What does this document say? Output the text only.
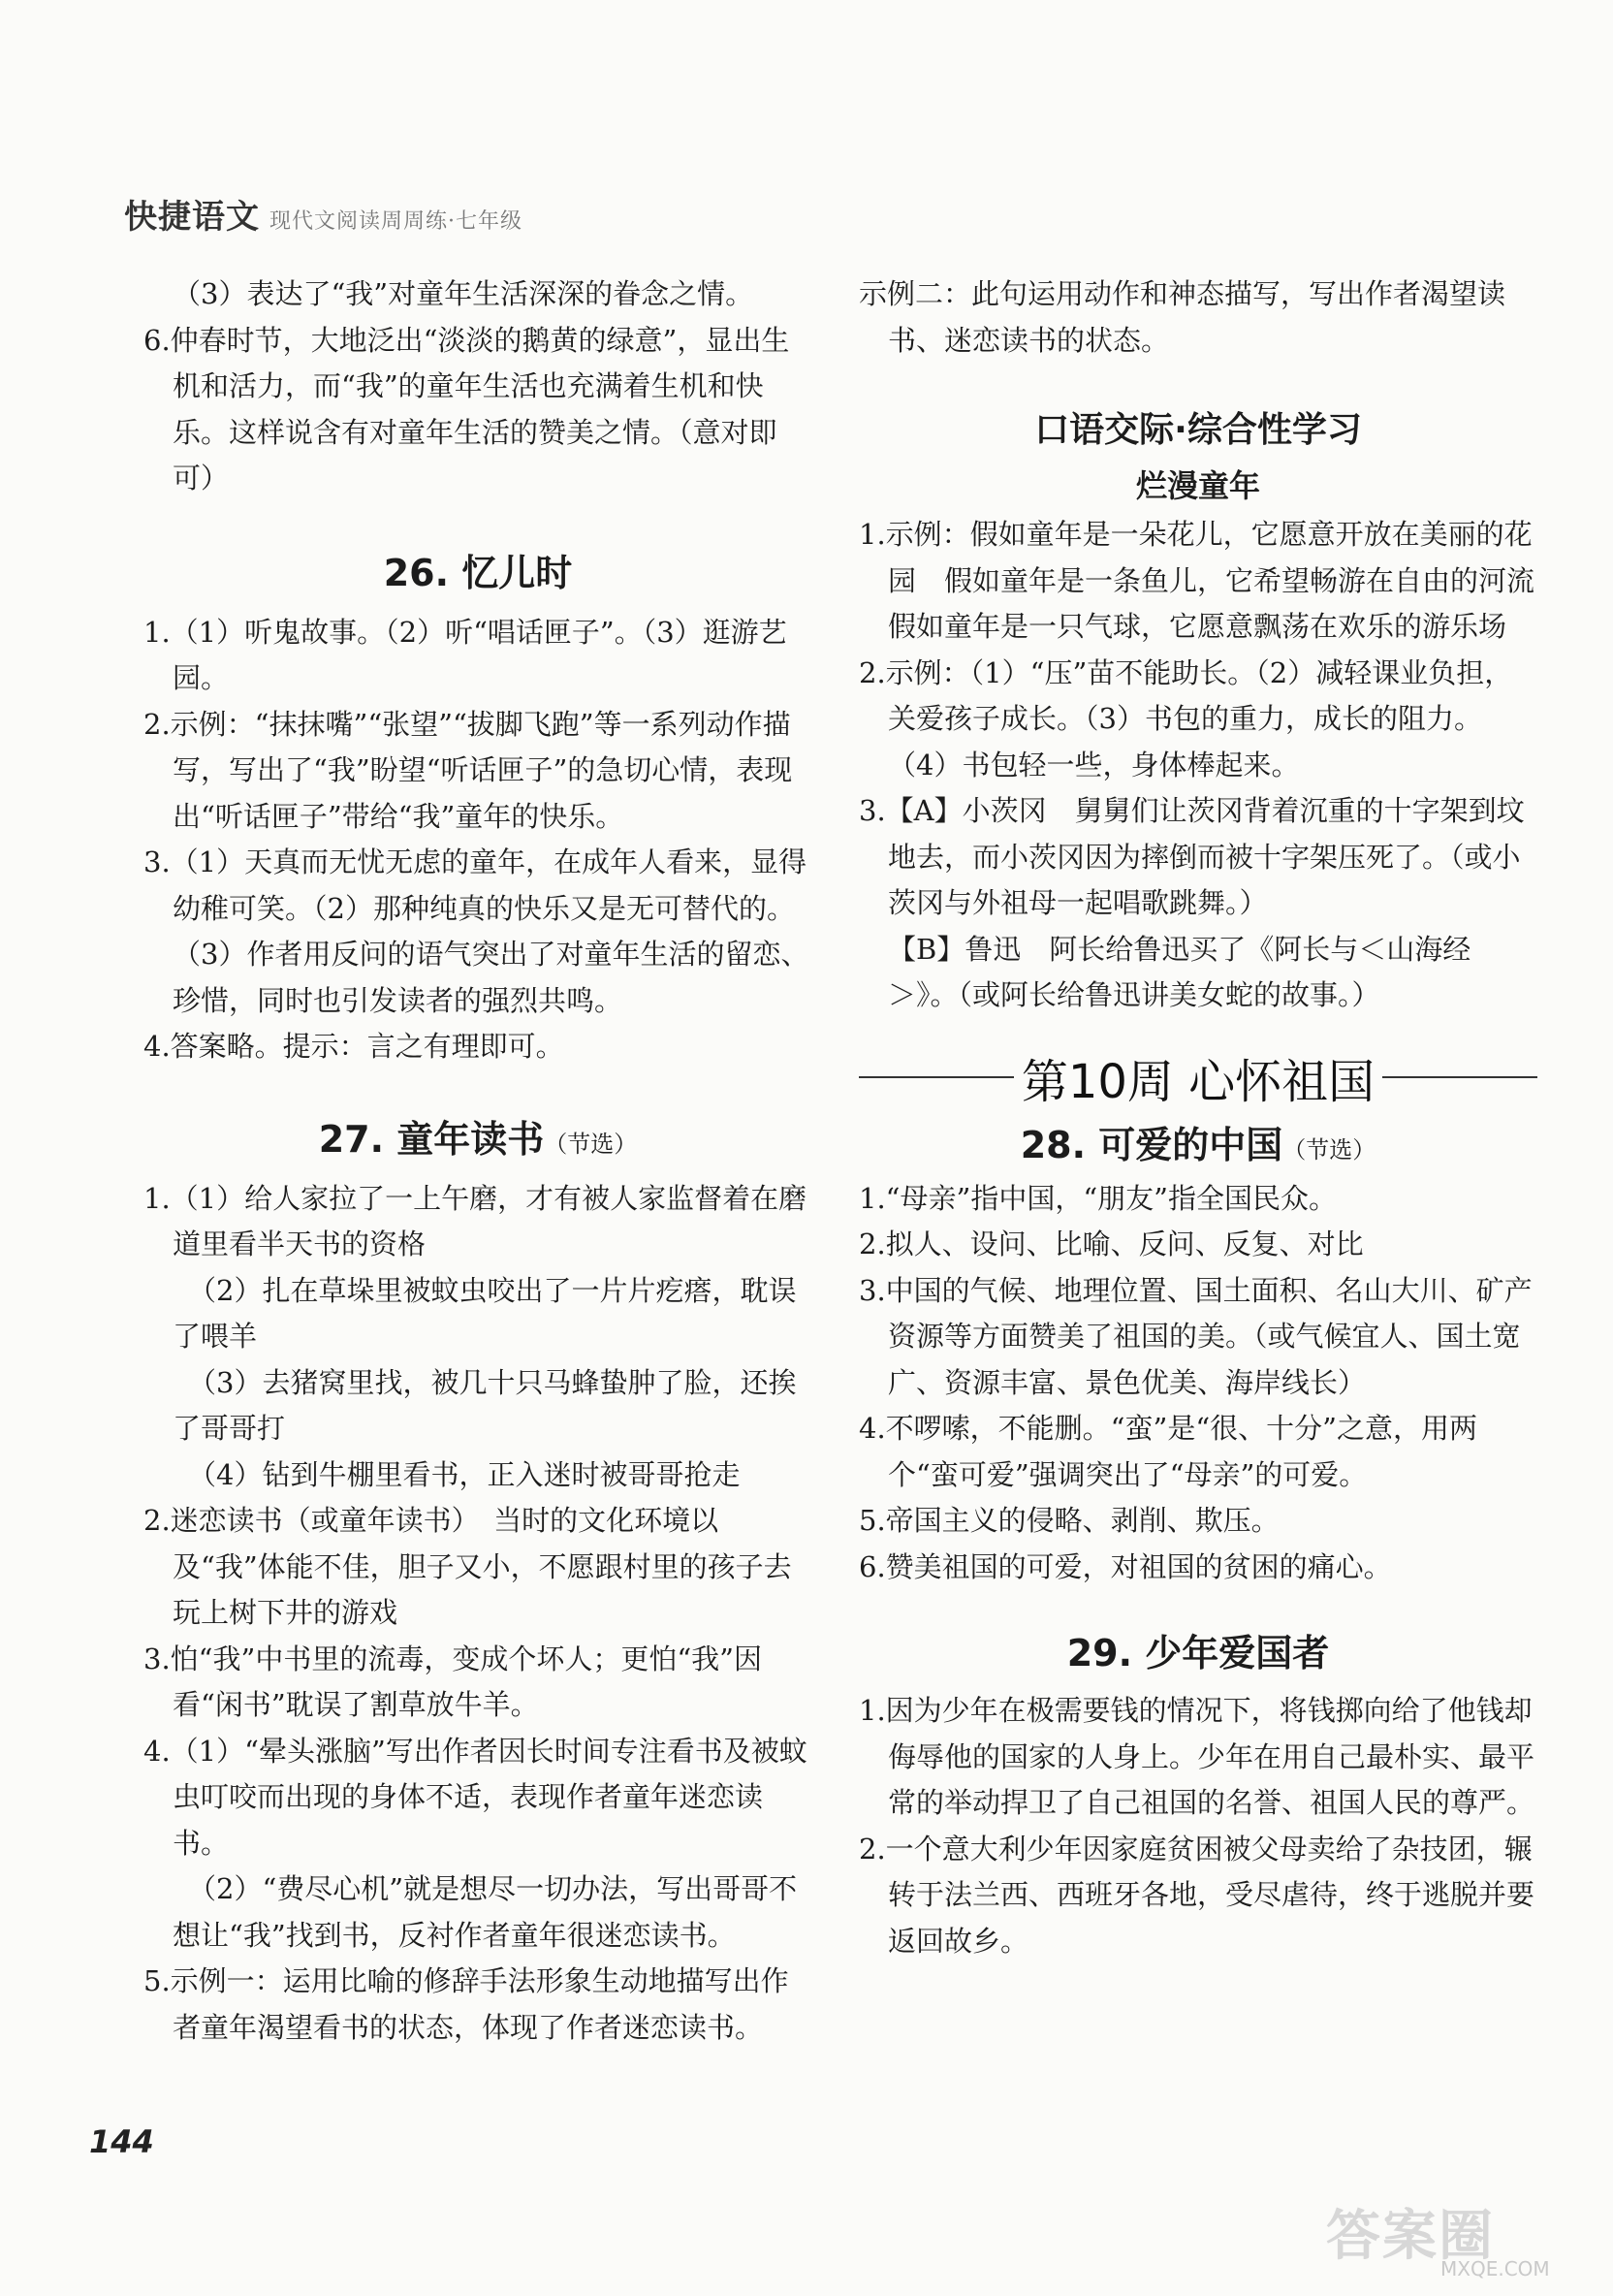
快捷语文 现代文阅读周周练·七年级

（3）表达了“我”对童年生活深深的眷念之情。

6.仲春时节，大地泛出“淡淡的鹅黄的绿意”，显出生机和活力，而“我”的童年生活也充满着生机和快乐。这样说含有对童年生活的赞美之情。（意对即可）

26. 忆儿时

1.（1）听鬼故事。（2）听“唱话匣子”。（3）逛游艺园。

2.示例：“抹抹嘴”“张望”“拔脚飞跑”等一系列动作描写，写出了“我”盼望“听话匣子”的急切心情，表现出“听话匣子”带给“我”童年的快乐。

3.（1）天真而无忧无虑的童年，在成年人看来，显得幼稚可笑。（2）那种纯真的快乐又是无可替代的。（3）作者用反问的语气突出了对童年生活的留恋、珍惜，同时也引发读者的强烈共鸣。

4.答案略。提示：言之有理即可。

27. 童年读书（节选）

1.（1）给人家拉了一上午磨，才有被人家监督着在磨道里看半天书的资格

（2）扎在草垛里被蚊虫咬出了一片片疙瘩，耽误了喂羊

（3）去猪窝里找，被几十只马蜂蛰肿了脸，还挨了哥哥打

（4）钻到牛棚里看书，正入迷时被哥哥抢走

2.迷恋读书（或童年读书）　当时的文化环境以及“我”体能不佳，胆子又小，不愿跟村里的孩子去玩上树下井的游戏

3.怕“我”中书里的流毒，变成个坏人；更怕“我”因看“闲书”耽误了割草放牛羊。

4.（1）“晕头涨脑”写出作者因长时间专注看书及被蚊虫叮咬而出现的身体不适，表现作者童年迷恋读书。

（2）“费尽心机”就是想尽一切办法，写出哥哥不想让“我”找到书，反衬作者童年很迷恋读书。

5.示例一：运用比喻的修辞手法形象生动地描写出作者童年渴望看书的状态，体现了作者迷恋读书。

示例二：此句运用动作和神态描写，写出作者渴望读书、迷恋读书的状态。

口语交际·综合性学习
烂漫童年

1.示例：假如童年是一朵花儿，它愿意开放在美丽的花园　假如童年是一条鱼儿，它希望畅游在自由的河流　假如童年是一只气球，它愿意飘荡在欢乐的游乐场

2.示例：（1）“压”苗不能助长。（2）减轻课业负担，关爱孩子成长。（3）书包的重力，成长的阻力。

（4）书包轻一些，身体棒起来。

3.【A】小茨冈　舅舅们让茨冈背着沉重的十字架到坟地去，而小茨冈因为摔倒而被十字架压死了。（或小茨冈与外祖母一起唱歌跳舞。）

【B】鲁迅　阿长给鲁迅买了《阿长与＜山海经＞》。（或阿长给鲁迅讲美女蛇的故事。）

第10周 心怀祖国
28. 可爱的中国（节选）

1.“母亲”指中国，“朋友”指全国民众。

2.拟人、设问、比喻、反问、反复、对比

3.中国的气候、地理位置、国土面积、名山大川、矿产资源等方面赞美了祖国的美。（或气候宜人、国土宽广、资源丰富、景色优美、海岸线长）

4.不啰嗦，不能删。“蛮”是“很、十分”之意，用两个“蛮可爱”强调突出了“母亲”的可爱。

5.帝国主义的侵略、剥削、欺压。

6.赞美祖国的可爱，对祖国的贫困的痛心。

29. 少年爱国者

1.因为少年在极需要钱的情况下，将钱掷向给了他钱却侮辱他的国家的人身上。少年在用自己最朴实、最平常的举动捍卫了自己祖国的名誉、祖国人民的尊严。

2.一个意大利少年因家庭贫困被父母卖给了杂技团，辗转于法兰西、西班牙各地，受尽虐待，终于逃脱并要返回故乡。

144
答案圈
MXQE.COM
